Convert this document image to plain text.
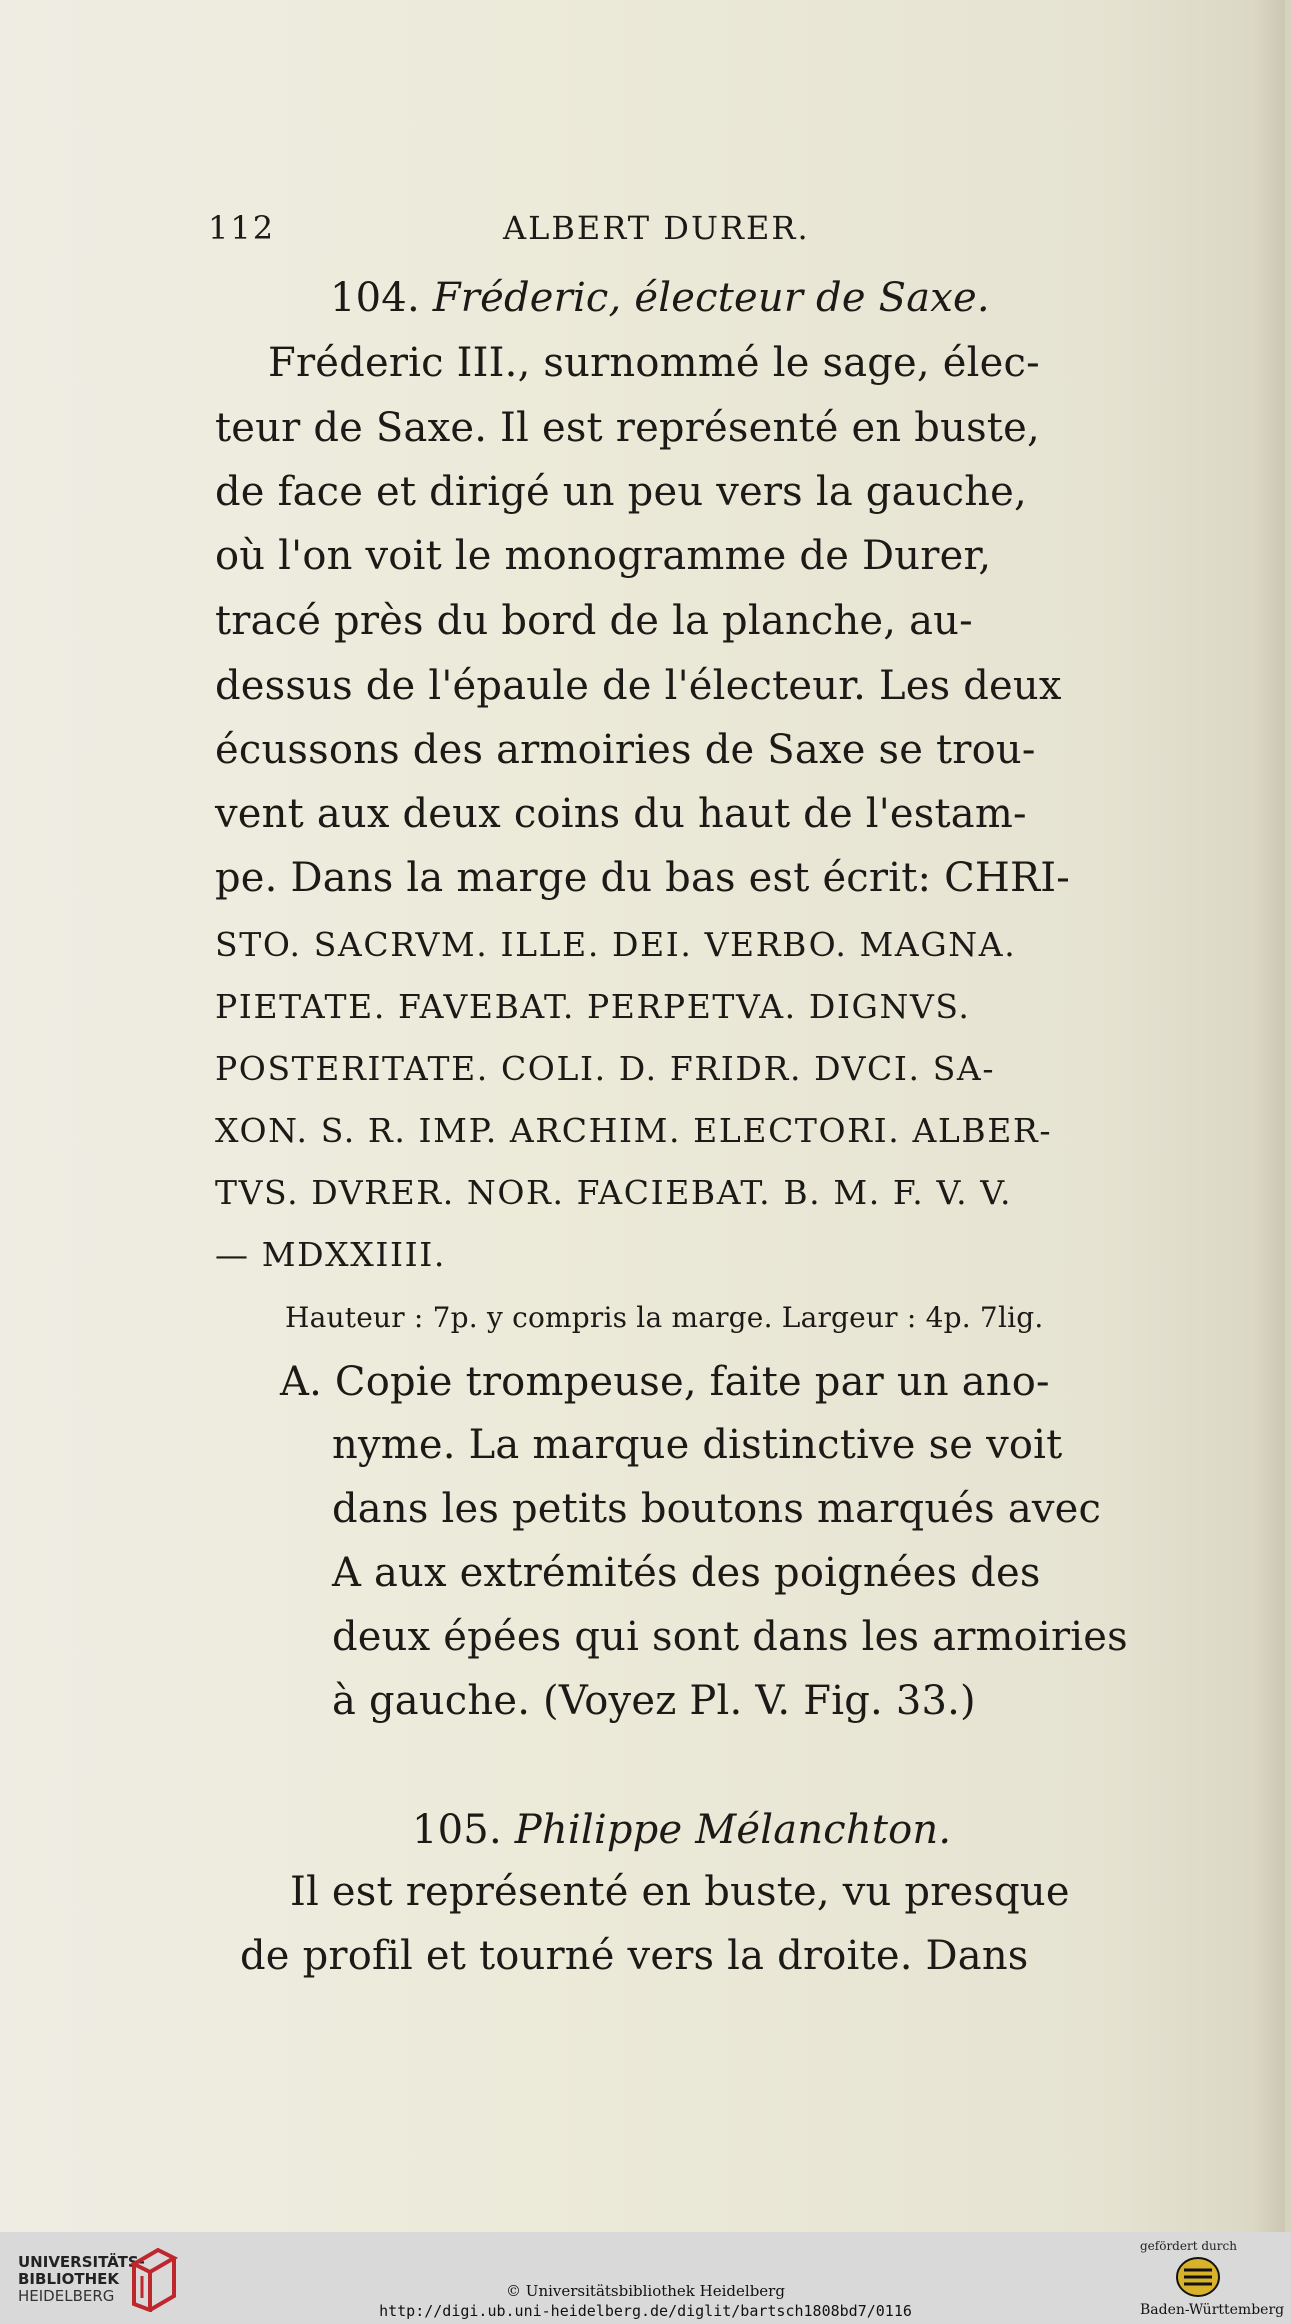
112	ALBERT DURER.
104. Fréderic, électeur de Saxe.
Fréderic III., surnommé le sage, élec-
teur de Saxe. Il est représenté en buste,
de face et dirigé un peu vers la gauche,
où l'on voit le monogramme de Durer,
tracé près du bord de la planche, au-
dessus de l'épaule de l'électeur. Les deux
écussons des armoiries de Saxe se trou-
vent aux deux coins du haut de l'estam-
pe. Dans la marge du bas est écrit: CHRI-
STO. SACRVM. ILLE. DEI. VERBO. MAGNA.
PIETATE. FAVEBAT. PERPETVA. DIGNVS.
POSTERITATE. COLI. D. FRIDR. DVCI. SA-
XON. S. R. IMP. ARCHIM. ELECTORI. ALBER-
TVS. DVRER. NOR. FACIEBAT. B. M. F. V. V.
— MDXXIIII.
Hauteur : 7p. y compris la marge. Largeur : 4p. 7lig.
A. Copie trompeuse, faite par un ano-
nyme. La marque distinctive se voit
dans les petits boutons marqués avec
A aux extrémités des poignées des
deux épées qui sont dans les armoiries
à gauche. (Voyez Pl. V. Fig. 33.)
105. Philippe Mélanchton.
Il est représenté en buste, vu presque
de profil et tourné vers la droite. Dans
UNIVERSITÄTS-
BIBLIOTHEK
HEIDELBERG	© Universitätsbibliothek Heidelberg
http://digi.ub.uni-heidelberg.de/diglit/bartsch1808bd7/0116
gefördert durch
Baden-Württemberg
